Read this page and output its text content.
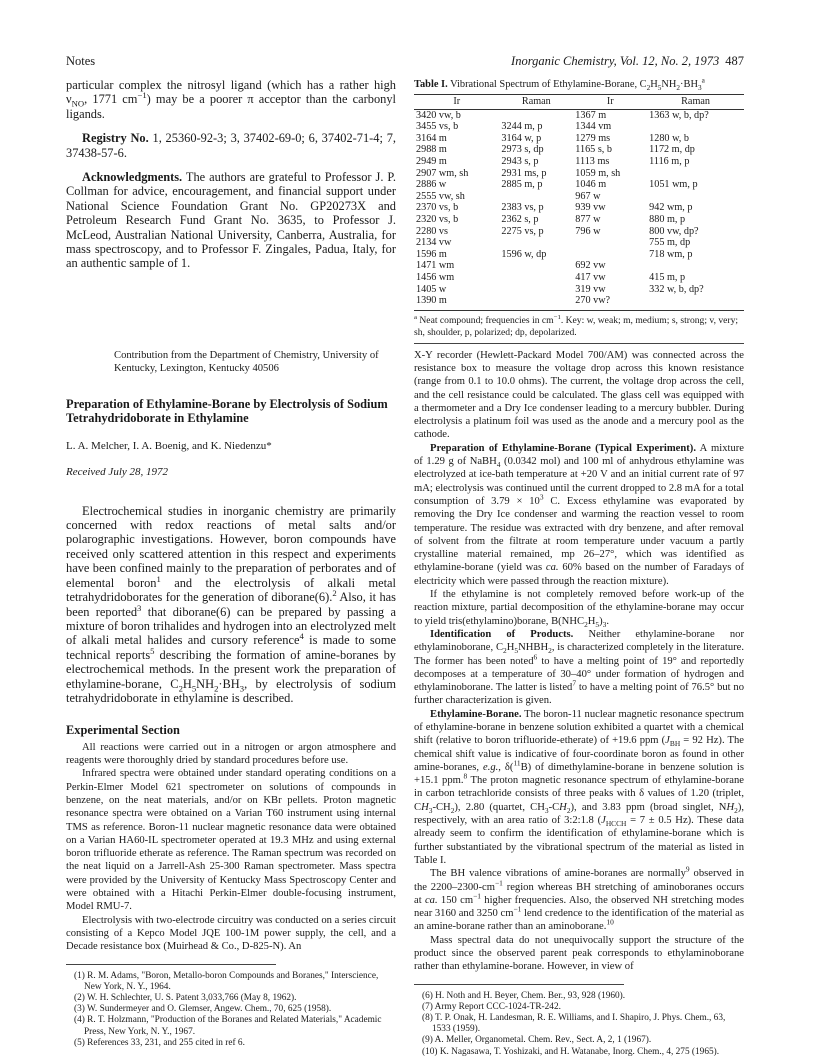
Notes	Inorganic Chemistry, Vol. 12, No. 2, 1973 487

particular complex the nitrosyl ligand (which has a rather high $\nu_{NO}$, 1771 $cm^{-1}$) may be a poorer π acceptor than the carbonyl ligands.

Registry No. 1, 25360-92-3; 3, 37402-69-0; 6, 37402-71-4; 7, 37438-57-6.

Acknowledgments. The authors are grateful to Professor J. P. Collman for advice, encouragement, and financial support under National Science Foundation Grant No. GP20273X and Petroleum Research Fund Grant No. 3635, to Professor J. McLeod, Australian National University, Canberra, Australia, for mass spectroscopy, and to Professor F. Zingales, Padua, Italy, for an authentic sample of 1.

Contribution from the Department of Chemistry, University of Kentucky, Lexington, Kentucky 40506

Preparation of Ethylamine-Borane by Electrolysis of Sodium Tetrahydridoborate in Ethylamine

L. A. Melcher, I. A. Boenig, and K. Niedenzu*

Received July 28, 1972

Electrochemical studies in inorganic chemistry are primarily concerned with redox reactions of metal salts and/or polarographic investigations. However, boron compounds have received only scattered attention in this respect and experiments have been confined mainly to the preparation of perborates and of elemental boron$^1$ and the electrolysis of alkali metal tetrahydridoborates for the generation of diborane(6).$^2$ Also, it has been reported$^3$ that diborane(6) can be prepared by passing a mixture of boron trihalides and hydrogen into an electrolyzed melt of alkali metal halides and cursory reference$^4$ is made to some technical reports$^5$ describing the formation of amine-boranes by electrochemical methods. In the present work the preparation of ethylamine-borane, $C_2H_5NH_2\cdot BH_3$, by electrolysis of sodium tetrahydridoborate in ethylamine is described.

Experimental Section

All reactions were carried out in a nitrogen or argon atmosphere and reagents were thoroughly dried by standard procedures before use.

Infrared spectra were obtained under standard operating conditions on a Perkin-Elmer Model 621 spectrometer on solutions of compounds in benzene, on the neat materials, and/or on KBr pellets. Proton magnetic resonance spectra were obtained on a Varian T60 instrument using internal TMS as reference. Boron-11 nuclear magnetic resonance data were obtained on a Varian HA60-IL spectrometer operated at 19.3 MHz and using external boron trifluoride etherate as reference. The Raman spectrum was recorded on the neat liquid on a Jarrell-Ash 25-300 Raman spectrometer. Mass spectra were provided by the University of Kentucky Mass Spectroscopy Center and were obtained with a Hitachi Perkin-Elmer double-focusing instrument, Model RMU-7.

Electrolysis with two-electrode circuitry was conducted on a series circuit consisting of a Kepco Model JQE 100-1M power supply, the cell, and a Decade resistance box (Muirhead & Co., D-825-N). An

(1) R. M. Adams, "Boron, Metallo-boron Compounds and Boranes," Interscience, New York, N. Y., 1964.

(2) W. H. Schlechter, U. S. Patent 3,033,766 (May 8, 1962).

(3) W. Sundermeyer and O. Glemser, Angew. Chem., 70, 625 (1958).

(4) R. T. Holzmann, "Production of the Boranes and Related Materials," Academic Press, New York, N. Y., 1967.

(5) References 33, 231, and 255 cited in ref 6.

Table I. Vibrational Spectrum of Ethylamine-Borane, $C_2H_5NH_2\cdot BH_3^a$

Ir	Raman	Ir	Raman
3420 vw, b		1367 m	1363 w, b, dp?
3455 vs, b	3244 m, p	1344 vm	
3164 m	3164 w, p	1279 ms	1280 w, b
2988 m	2973 s, dp	1165 s, b	1172 m, dp
2949 m	2943 s, p	1113 ms	1116 m, p
2907 wm, sh	2931 ms, p	1059 m, sh	
2886 w	2885 m, p	1046 m	1051 wm, p
2555 vw, sh		967 w	
2370 vs, b	2383 vs, p	939 vw	942 wm, p
2320 vs, b	2362 s, p	877 w	880 m, p
2280 vs	2275 vs, p	796 w	800 vw, dp?
2134 vw			755 m, dp
1596 m	1596 w, dp		718 wm, p
1471 wm		692 vw	
1456 wm		417 vw	415 m, p
1405 w		319 vw	332 w, b, dp?
1390 m		270 vw?	

$^a$ Neat compound; frequencies in $cm^{-1}$. Key: w, weak; m, medium; s, strong; v, very; sh, shoulder, p, polarized; dp, depolarized.

X-Y recorder (Hewlett-Packard Model 700/AM) was connected across the resistance box to measure the voltage drop across this known resistance (range from 0.1 to 10.0 ohms). The current, the voltage drop across the cell, and the cell resistance could be calculated. The glass cell was equipped with a thermometer and a Dry Ice condenser leading to a mercury bubbler. During electrolysis a platinum foil was used as the anode and a mercury pool as the cathode.

Preparation of Ethylamine-Borane (Typical Experiment). A mixture of 1.29 g of NaBH$_4$ (0.0342 mol) and 100 ml of anhydrous ethylamine was electrolyzed at ice-bath temperature at +20 V and an initial current rate of 97 mA; electrolysis was continued until the current dropped to 2.8 mA for a total consumption of $3.79 \times 10^3$ C. Excess ethylamine was evaporated by removing the Dry Ice condenser and warming the reaction vessel to room temperature. The residue was extracted with dry benzene, and after removal of solvent from the filtrate at room temperature under vacuum a partly crystalline material remained, mp 26–27°, which was identified as ethylamine-borane (yield was ca. 60% based on the number of Faradays of electricity which were passed through the reaction mixture).

If the ethylamine is not completely removed before work-up of the reaction mixture, partial decomposition of the ethylamine-borane may occur to yield tris(ethylamino)borane, $B(NHC_2H_5)_3$.

Identification of Products. Neither ethylamine-borane nor ethylaminoborane, $C_2H_5NHBH_2$, is characterized completely in the literature. The former has been noted$^6$ to have a melting point of 19° and reportedly decomposes at a temperature of 30–40° under formation of hydrogen and ethylaminoborane. The latter is listed$^7$ to have a melting point of 76.5° but no further characterization is given.

Ethylamine-Borane. The boron-11 nuclear magnetic resonance spectrum of ethylamine-borane in benzene solution exhibited a quartet with a chemical shift (relative to boron trifluoride-etherate) of +19.6 ppm ($J_{BH} = 92$ Hz). The chemical shift value is indicative of four-coordinate boron as found in other amine-boranes, e.g., δ($^{11}$B) of dimethylamine-borane in benzene solution is +15.1 ppm.$^8$ The proton magnetic resonance spectrum of ethylamine-borane in carbon tetrachloride consists of three peaks with δ values of 1.20 (triplet, $CH_3-CH_2$), 2.80 (quartet, $CH_3-CH_2$), and 3.83 ppm (broad singlet, $NH_2$), respectively, with an area ratio of 3:2:1.8 ($J_{HCCH} = 7 \pm 0.5$ Hz). These data already seem to confirm the identification of ethylamine-borane which is further substantiated by the vibrational spectrum of the material as listed in Table I.

The BH valence vibrations of amine-boranes are normally$^9$ observed in the $2200-2300-cm^{-1}$ region whereas BH stretching of aminoboranes occurs at ca. 150 $cm^{-1}$ higher frequencies. Also, the observed NH stretching modes near 3160 and 3250 $cm^{-1}$ lend credence to the identification of the material as an amine-borane rather than an aminoborane.$^{10}$

Mass spectral data do not unequivocally support the structure of the product since the observed parent peak corresponds to ethylaminoborane rather than ethylamine-borane. However, in view of

(6) H. Noth and H. Beyer, Chem. Ber., 93, 928 (1960).

(7) Army Report CCC-1024-TR-242.

(8) T. P. Onak, H. Landesman, R. E. Williams, and I. Shapiro, J. Phys. Chem., 63, 1533 (1959).

(9) A. Meller, Organometal. Chem. Rev., Sect. A, 2, 1 (1967).

(10) K. Nagasawa, T. Yoshizaki, and H. Watanabe, Inorg. Chem., 4, 275 (1965).
